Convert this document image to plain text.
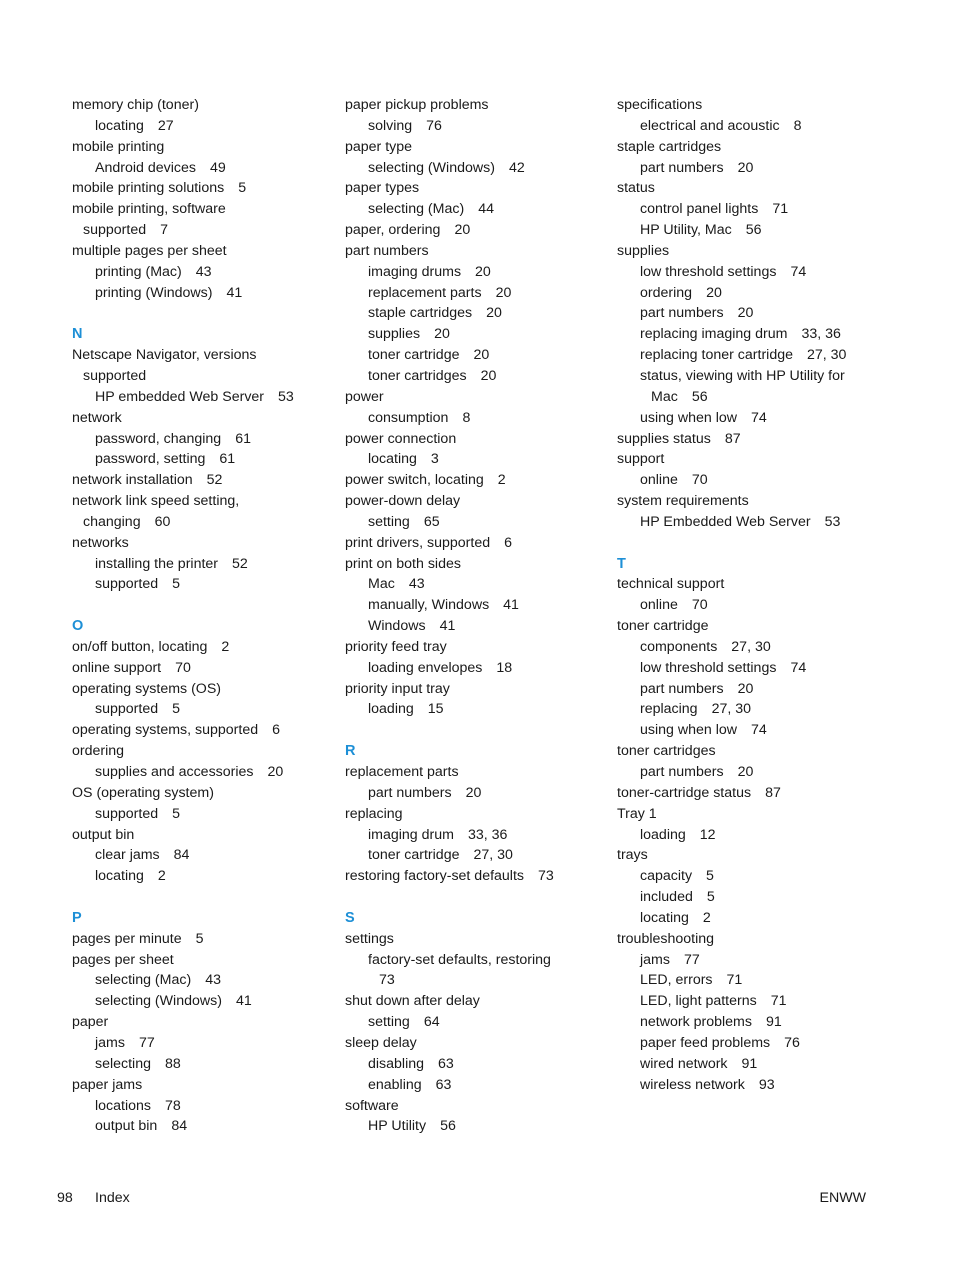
memory chip (toner)
locating 27
mobile printing
Android devices 49
mobile printing solutions 5
mobile printing, software
supported 7
multiple pages per sheet
printing (Mac) 43
printing (Windows) 41
N
Netscape Navigator, versions
supported
HP embedded Web Server 53
network
password, changing 61
password, setting 61
network installation 52
network link speed setting,
changing 60
networks
installing the printer 52
supported 5
O
on/off button, locating 2
online support 70
operating systems (OS)
supported 5
operating systems, supported 6
ordering
supplies and accessories 20
OS (operating system)
supported 5
output bin
clear jams 84
locating 2
P
pages per minute 5
pages per sheet
selecting (Mac) 43
selecting (Windows) 41
paper
jams 77
selecting 88
paper jams
locations 78
output bin 84
paper pickup problems
solving 76
paper type
selecting (Windows) 42
paper types
selecting (Mac) 44
paper, ordering 20
part numbers
imaging drums 20
replacement parts 20
staple cartridges 20
supplies 20
toner cartridge 20
toner cartridges 20
power
consumption 8
power connection
locating 3
power switch, locating 2
power-down delay
setting 65
print drivers, supported 6
print on both sides
Mac 43
manually, Windows 41
Windows 41
priority feed tray
loading envelopes 18
priority input tray
loading 15
R
replacement parts
part numbers 20
replacing
imaging drum 33, 36
toner cartridge 27, 30
restoring factory-set defaults 73
S
settings
factory-set defaults, restoring
73
shut down after delay
setting 64
sleep delay
disabling 63
enabling 63
software
HP Utility 56
specifications
electrical and acoustic 8
staple cartridges
part numbers 20
status
control panel lights 71
HP Utility, Mac 56
supplies
low threshold settings 74
ordering 20
part numbers 20
replacing imaging drum 33, 36
replacing toner cartridge 27, 30
status, viewing with HP Utility for
Mac 56
using when low 74
supplies status 87
support
online 70
system requirements
HP Embedded Web Server 53
T
technical support
online 70
toner cartridge
components 27, 30
low threshold settings 74
part numbers 20
replacing 27, 30
using when low 74
toner cartridges
part numbers 20
toner-cartridge status 87
Tray 1
loading 12
trays
capacity 5
included 5
locating 2
troubleshooting
jams 77
LED, errors 71
LED, light patterns 71
network problems 91
paper feed problems 76
wired network 91
wireless network 93
98 Index	ENWW
